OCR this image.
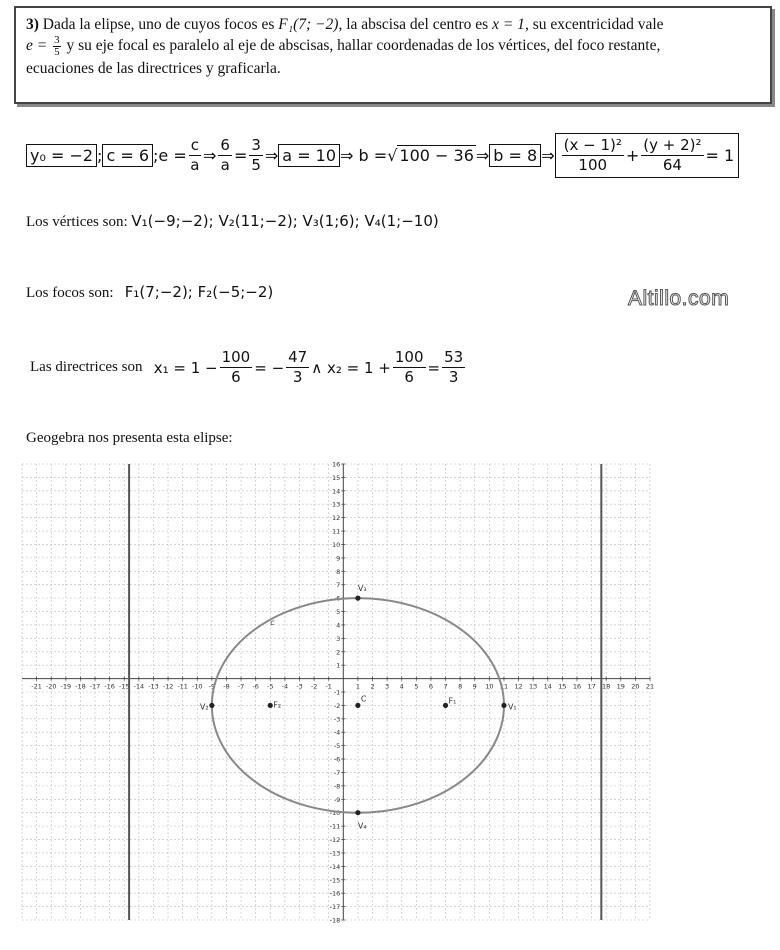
3) Dada la elipse, uno de cuyos focos es F₁(7; −2), la abscisa del centro es x = 1, su excentricidad vale
$e = \frac{3}{5}$ y su eje focal es paralelo al eje de abscisas, hallar coordenadas de los vértices, del foco restante,
ecuaciones de las directrices y graficarla.
y₀ = −2 ; c = 6 ;e = $\frac{c}{a}$ ⇒
6
a =
3
5 ⇒ a = 10 ⇒ b = √ 100 − 36 ⇒ b = 8 ⇒
(x − 1)²
$100 + \frac{\text{(y + 2)²}}{64} = 1$
Los vértices son: V₁(−9;−2); V₂(11;−2); V₃(1;6); V₄(1;−10)
Los focos son: F₁(7;−2); F₂(−5;−2)	Altillo.com
Las directrices son
$x_1 = 1 - \frac{100}{6}$ = − $\frac{47}{3}$ ∧ $x_2 = 1 + \frac{100}{6} = \frac{53}{3}$
Geogebra nos presenta esta elipse:
-21 -20 -19 -18 -17 -16 -15 -14 -13 -12 -11 -10 -9 -8 -7 -6 -5 -4 -3 -2 -1	1 2 3 4 5 6 7 8 9 10 11 12 13 14 15 16 17 18 19 20 21
16
15
14
13
12
11
10
9
8
7
6
5
4
3
2
1
-1
-2
-3
-4
-5
-6
-7
-8
-9
-10
-11
-12
-13
-14
-15
-16
-17
-18
c
V₂	V₁
V₃
V₄
F₂	F₁
C
